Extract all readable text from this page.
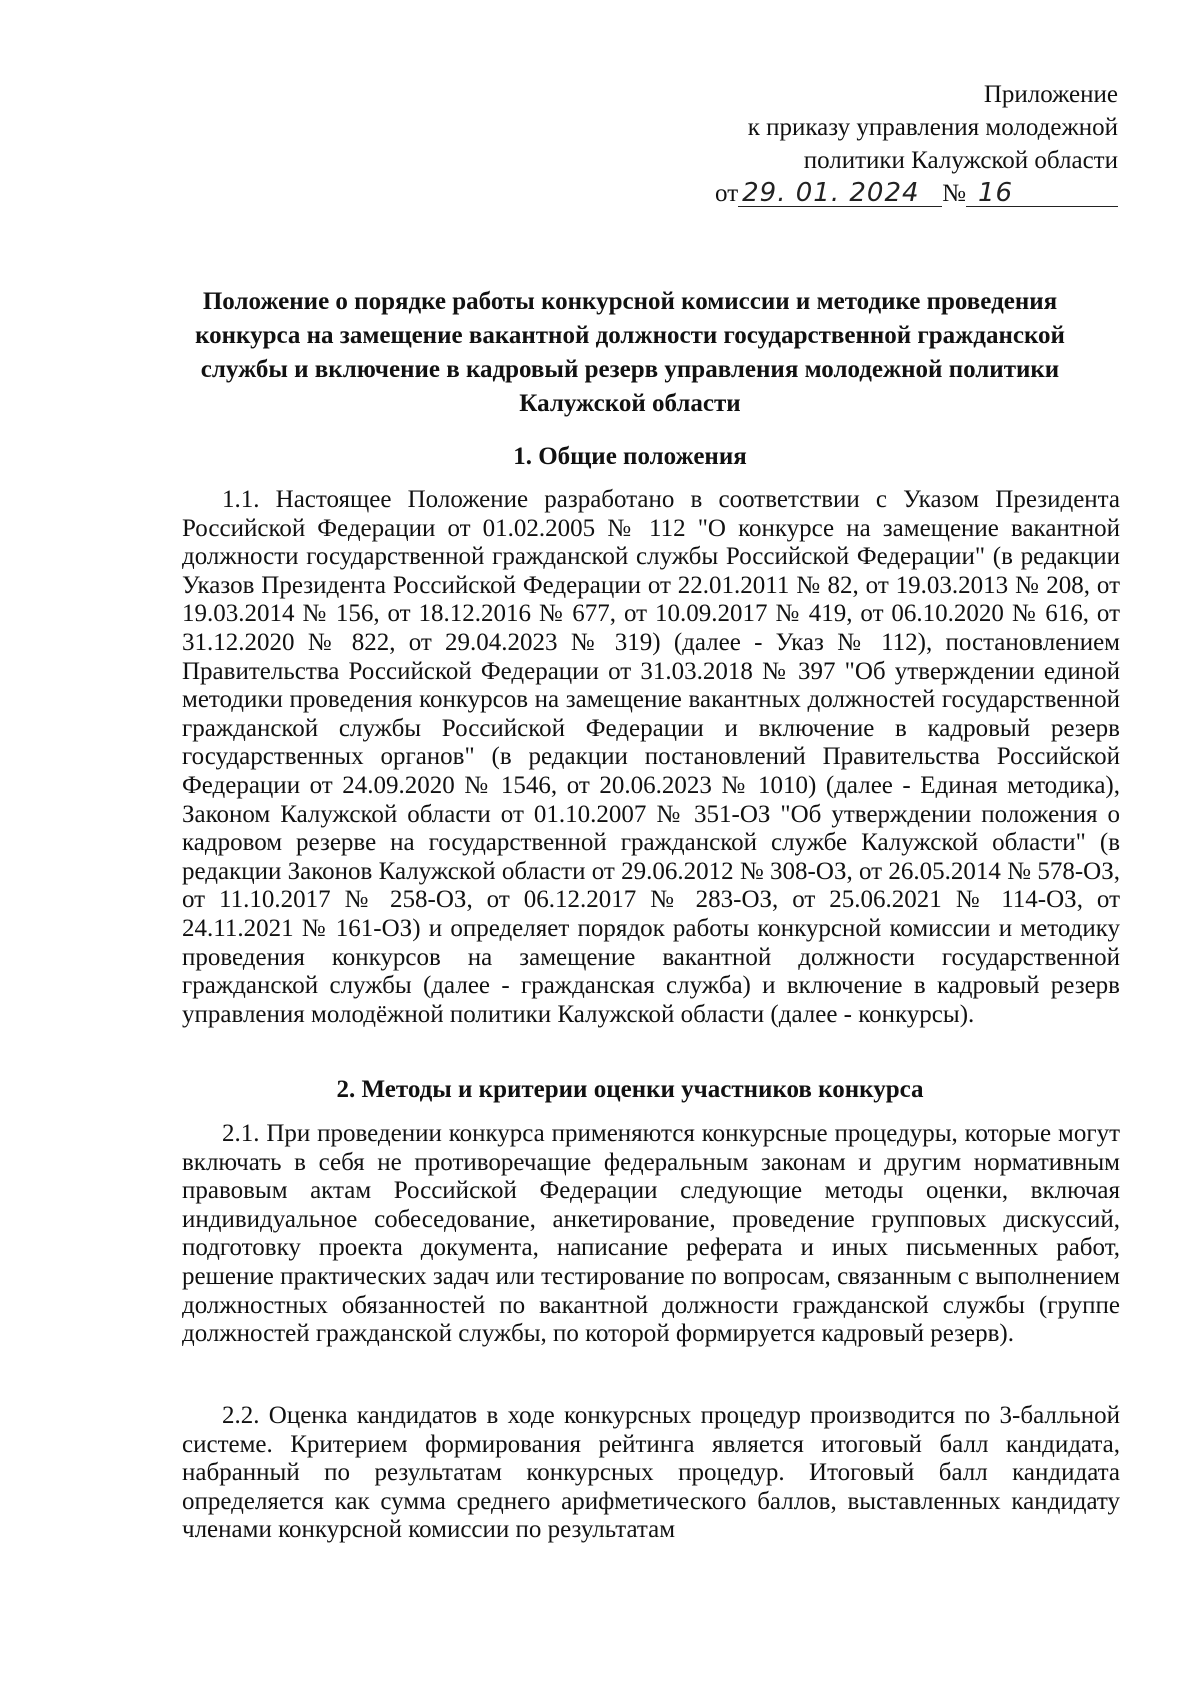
Приложение
к приказу управления молодежной
политики Калужской области
от 29. 01. 2024 № 16
Положение о порядке работы конкурсной комиссии и методике проведения конкурса на замещение вакантной должности государственной гражданской службы и включение в кадровый резерв управления молодежной политики Калужской области
1. Общие положения
1.1. Настоящее Положение разработано в соответствии с Указом Президента Российской Федерации от 01.02.2005 № 112 "О конкурсе на замещение вакантной должности государственной гражданской службы Российской Федерации" (в редакции Указов Президента Российской Федерации от 22.01.2011 № 82, от 19.03.2013 № 208, от 19.03.2014 № 156, от 18.12.2016 № 677, от 10.09.2017 № 419, от 06.10.2020 № 616, от 31.12.2020 № 822, от 29.04.2023 № 319) (далее - Указ № 112), постановлением Правительства Российской Федерации от 31.03.2018 № 397 "Об утверждении единой методики проведения конкурсов на замещение вакантных должностей государственной гражданской службы Российской Федерации и включение в кадровый резерв государственных органов" (в редакции постановлений Правительства Российской Федерации от 24.09.2020 № 1546, от 20.06.2023 № 1010) (далее - Единая методика), Законом Калужской области от 01.10.2007 № 351-ОЗ "Об утверждении положения о кадровом резерве на государственной гражданской службе Калужской области" (в редакции Законов Калужской области от 29.06.2012 № 308-ОЗ, от 26.05.2014 № 578-ОЗ, от 11.10.2017 № 258-ОЗ, от 06.12.2017 № 283-ОЗ, от 25.06.2021 № 114-ОЗ, от 24.11.2021 № 161-ОЗ) и определяет порядок работы конкурсной комиссии и методику проведения конкурсов на замещение вакантной должности государственной гражданской службы (далее - гражданская служба) и включение в кадровый резерв управления молодёжной политики Калужской области (далее - конкурсы).
2. Методы и критерии оценки участников конкурса
2.1. При проведении конкурса применяются конкурсные процедуры, которые могут включать в себя не противоречащие федеральным законам и другим нормативным правовым актам Российской Федерации следующие методы оценки, включая индивидуальное собеседование, анкетирование, проведение групповых дискуссий, подготовку проекта документа, написание реферата и иных письменных работ, решение практических задач или тестирование по вопросам, связанным с выполнением должностных обязанностей по вакантной должности гражданской службы (группе должностей гражданской службы, по которой формируется кадровый резерв).
2.2. Оценка кандидатов в ходе конкурсных процедур производится по 3-балльной системе. Критерием формирования рейтинга является итоговый балл кандидата, набранный по результатам конкурсных процедур. Итоговый балл кандидата определяется как сумма среднего арифметического баллов, выставленных кандидату членами конкурсной комиссии по результатам
